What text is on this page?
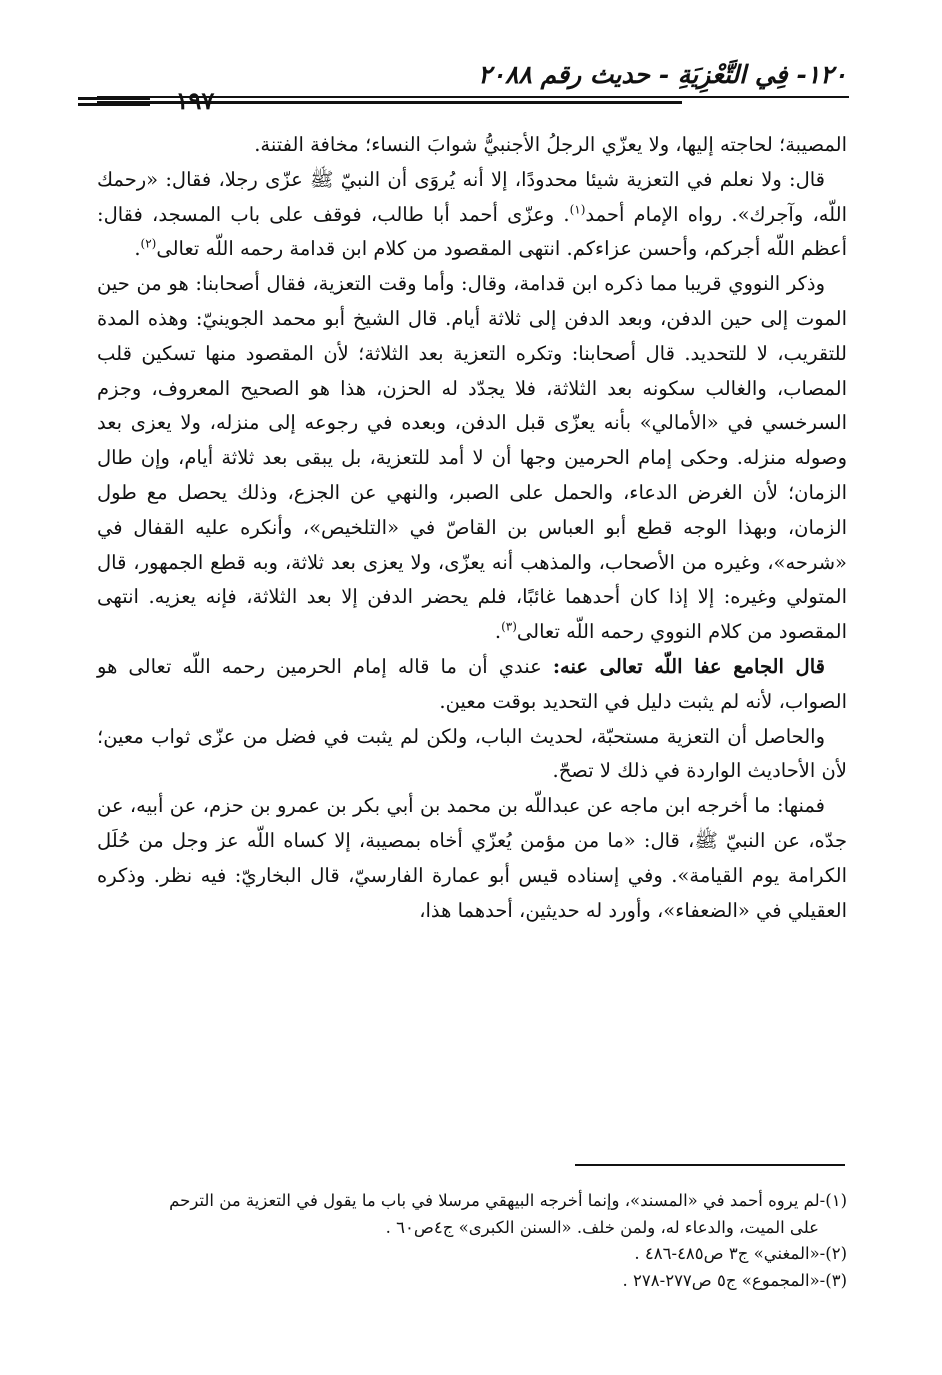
١٢٠- فِي التَّعْزِيَةِ - حديث رقم ٢٠٨٨
١٩٧

المصيبة؛ لحاجته إليها، ولا يعزّي الرجلُ الأجنبيُّ شوابَ النساء؛ مخافة الفتنة.

قال: ولا نعلم في التعزية شيئا محدودًا، إلا أنه يُروَى أن النبيّ ﷺ عزّى رجلا، فقال: «رحمك اللّه، وآجرك». رواه الإمام أحمد$^{(١)}$. وعزّى أحمد أبا طالب، فوقف على باب المسجد، فقال: أعظم اللّه أجركم، وأحسن عزاءكم. انتهى المقصود من كلام ابن قدامة رحمه اللّه تعالى$^{(٢)}$.

وذكر النووي قريبا مما ذكره ابن قدامة، وقال: وأما وقت التعزية، فقال أصحابنا: هو من حين الموت إلى حين الدفن، وبعد الدفن إلى ثلاثة أيام. قال الشيخ أبو محمد الجوينيّ: وهذه المدة للتقريب، لا للتحديد. قال أصحابنا: وتكره التعزية بعد الثلاثة؛ لأن المقصود منها تسكين قلب المصاب، والغالب سكونه بعد الثلاثة، فلا يجدّد له الحزن، هذا هو الصحيح المعروف، وجزم السرخسي في «الأمالي» بأنه يعزّى قبل الدفن، وبعده في رجوعه إلى منزله، ولا يعزى بعد وصوله منزله. وحكى إمام الحرمين وجها أن لا أمد للتعزية، بل يبقى بعد ثلاثة أيام، وإن طال الزمان؛ لأن الغرض الدعاء، والحمل على الصبر، والنهي عن الجزع، وذلك يحصل مع طول الزمان، وبهذا الوجه قطع أبو العباس بن القاصّ في «التلخيص»، وأنكره عليه القفال في «شرحه»، وغيره من الأصحاب، والمذهب أنه يعزّى، ولا يعزى بعد ثلاثة، وبه قطع الجمهور، قال المتولي وغيره: إلا إذا كان أحدهما غائبًا، فلم يحضر الدفن إلا بعد الثلاثة، فإنه يعزيه. انتهى المقصود من كلام النووي رحمه اللّه تعالى$^{(٣)}$.

قال الجامع عفا اللّه تعالى عنه: عندي أن ما قاله إمام الحرمين رحمه اللّه تعالى هو الصواب، لأنه لم يثبت دليل في التحديد بوقت معين.

والحاصل أن التعزية مستحبّة، لحديث الباب، ولكن لم يثبت في فضل من عزّى ثواب معين؛ لأن الأحاديث الواردة في ذلك لا تصحّ.

فمنها: ما أخرجه ابن ماجه عن عبداللّه بن محمد بن أبي بكر بن عمرو بن حزم، عن أبيه، عن جدّه، عن النبيّ ﷺ، قال: «ما من مؤمن يُعزّي أخاه بمصيبة، إلا كساه اللّه عز وجل من حُلَل الكرامة يوم القيامة». وفي إسناده قيس أبو عمارة الفارسيّ، قال البخاريّ: فيه نظر. وذكره العقيلي في «الضعفاء»، وأورد له حديثين، أحدهما هذا،

(١)-لم يروه أحمد في «المسند»، وإنما أخرجه البيهقي مرسلا في باب ما يقول في التعزية من الترحم

على الميت، والدعاء له، ولمن خلف. «السنن الكبرى» ج٤ص٦٠ .

(٢)-«المغني» ج٣ ص٤٨٥-٤٨٦ .

(٣)-«المجموع» ج٥ ص٢٧٧-٢٧٨ .
